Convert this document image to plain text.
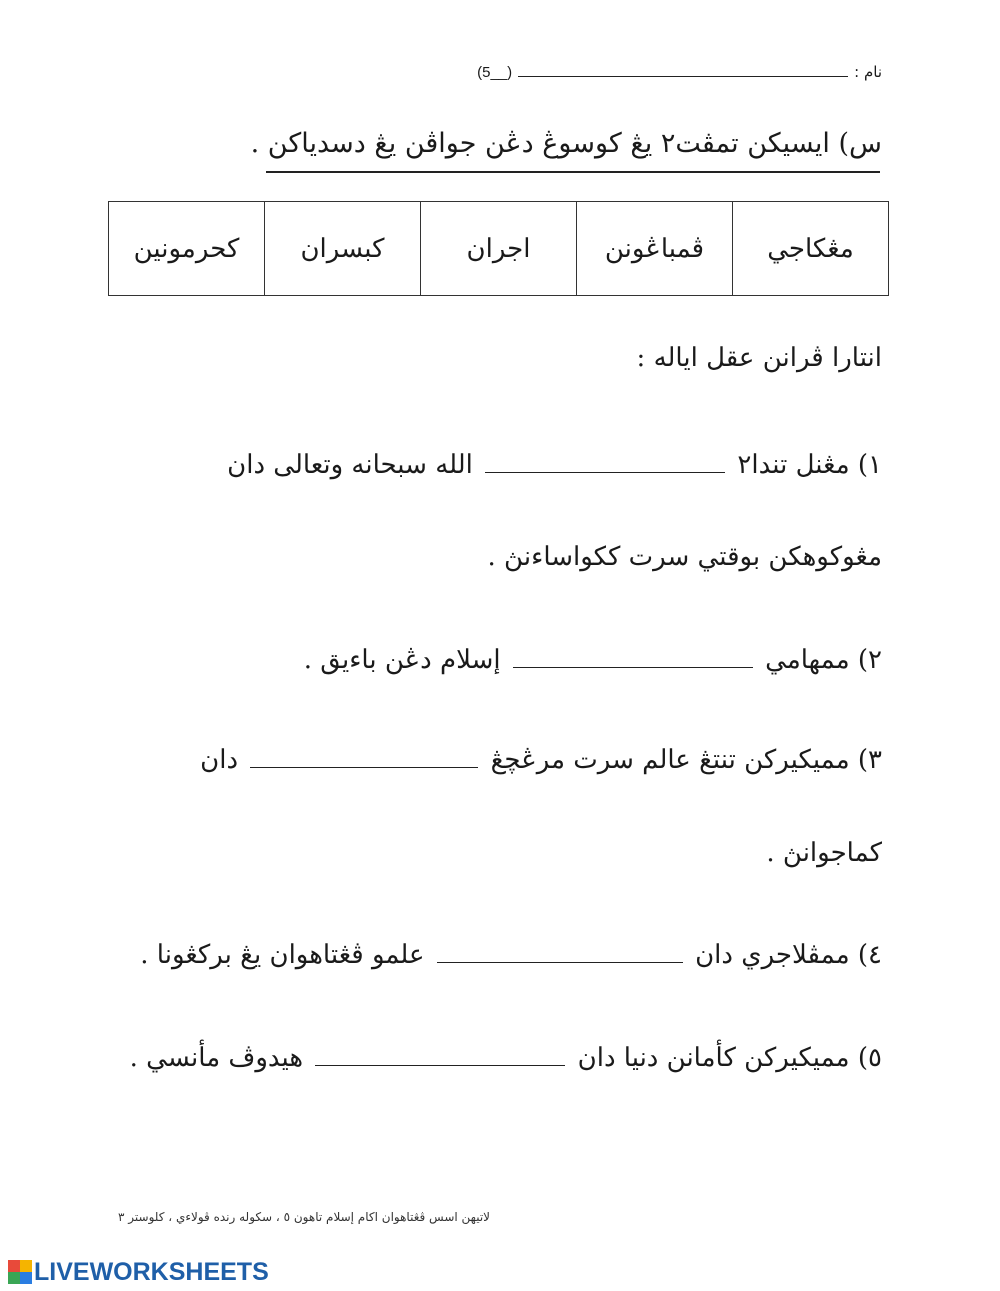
نام :(__5)
س) ايسيكن تمڤت٢ يڠ كوسوڠ دڠن جواڤن يڠ دسدياكن .
مڠكاجي	ڤمباڠونن	اجران	كبسران	كحرمونين
انتارا ڤرانن عقل اياله :
١) مڠنل تندا٢  الله سبحانه وتعالى دان
مڠوكوهكن بوقتي سرت ككواساءنڽ .
٢) ممهامي  إسلام دڠن باءيق .
٣) مميكيركن تنتڠ عالم سرت مرڠچڠ  دان
كماجوانڽ .
٤) ممڤلاجري دان  علمو ڤڠتاهوان يڠ بركڠونا .
٥) مميكيركن كأمانن دنيا دان  هيدوڤ مأنسي .
لاتيهن اسس ڤڠتاهوان اكام إسلام تاهون ٥ ، سكوله رنده ڤولاءي ، كلوستر ٣
LIVEWORKSHEETS
